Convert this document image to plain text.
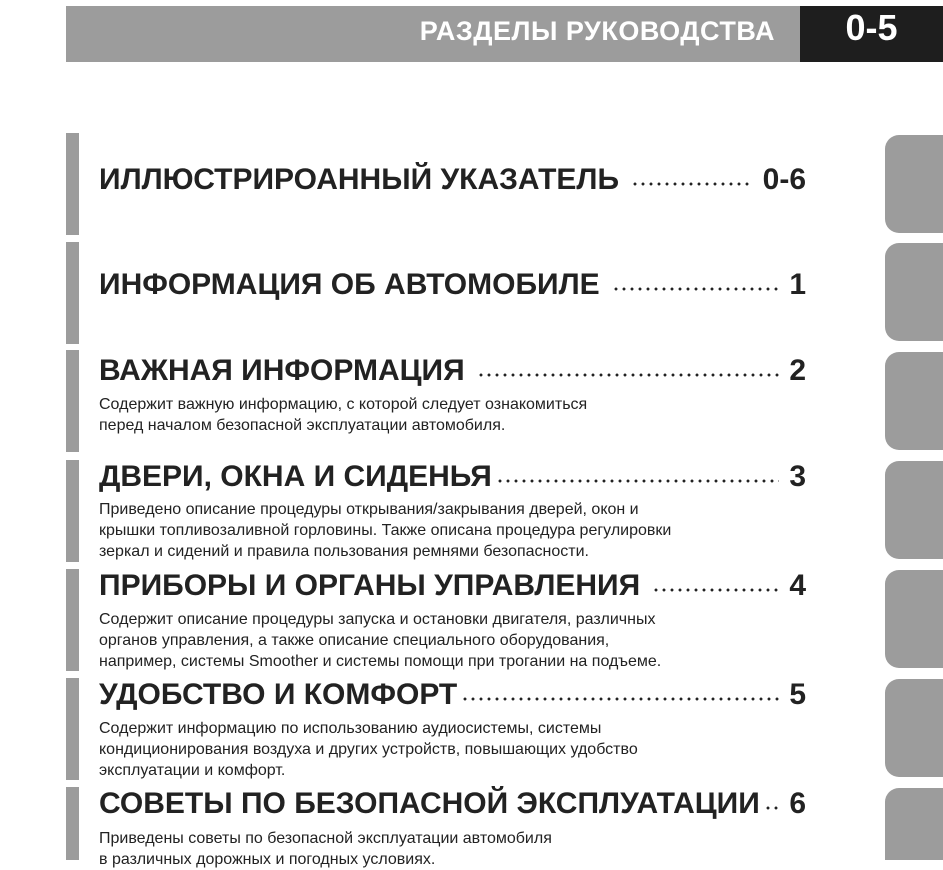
РАЗДЕЛЫ РУКОВОДСТВА	0-5
ИЛЛЮСТРИРОАННЫЙ УКАЗАТЕЛЬ	0-6
ИНФОРМАЦИЯ ОБ АВТОМОБИЛЕ	1
ВАЖНАЯ ИНФОРМАЦИЯ	2
Содержит важную информацию, с которой следует ознакомиться
перед началом безопасной эксплуатации автомобиля.
ДВЕРИ, ОКНА И СИДЕНЬЯ	3
Приведено описание процедуры открывания/закрывания дверей, окон и
крышки топливозаливной горловины. Также описана процедура регулировки
зеркал и сидений и правила пользования ремнями безопасности.
ПРИБОРЫ И ОРГАНЫ УПРАВЛЕНИЯ	4
Содержит описание процедуры запуска и остановки двигателя, различных
органов управления, а также описание специального оборудования,
например, системы Smoother и системы помощи при трогании на подъеме.
УДОБСТВО И КОМФОРТ	5
Содержит информацию по использованию аудиосистемы, системы
кондиционирования воздуха и других устройств, повышающих удобство
эксплуатации и комфорт.
СОВЕТЫ ПО БЕЗОПАСНОЙ ЭКСПЛУАТАЦИИ 6
Приведены советы по безопасной эксплуатации автомобиля
в различных дорожных и погодных условиях.
